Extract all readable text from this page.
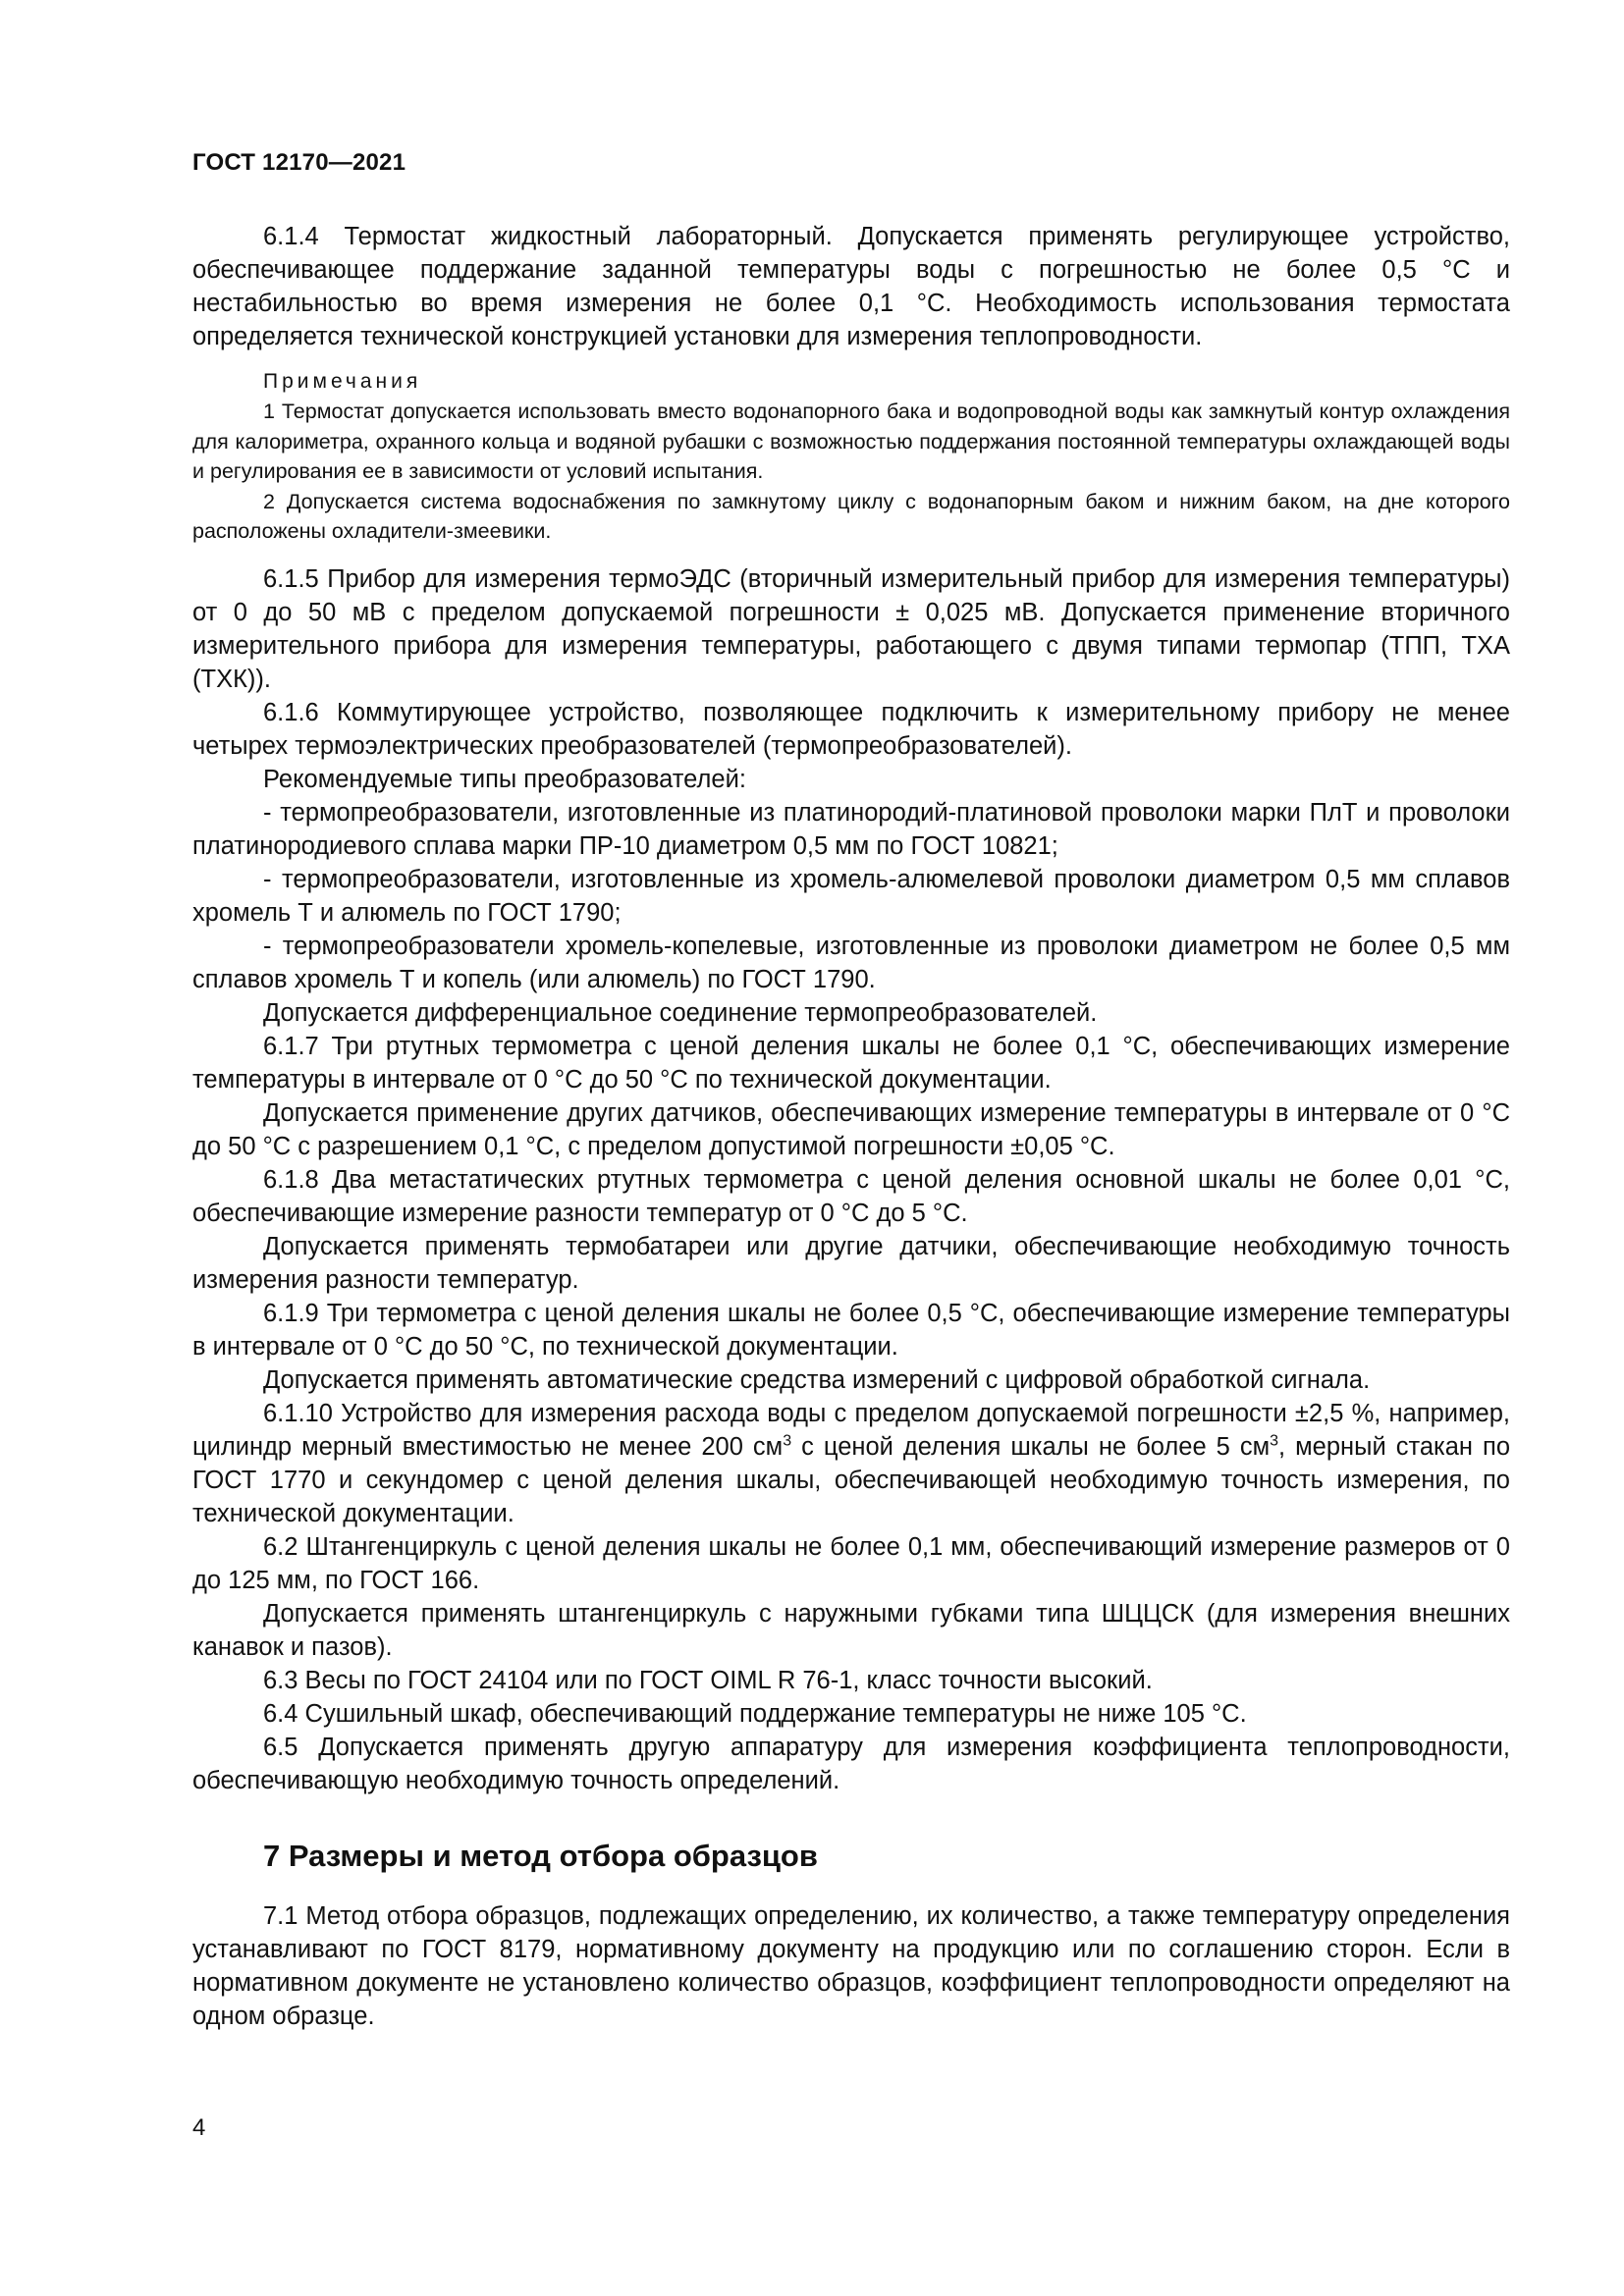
ГОСТ 12170—2021

6.1.4 Термостат жидкостный лабораторный. Допускается применять регулирующее устройство, обеспечивающее поддержание заданной температуры воды с погрешностью не более 0,5 °С и нестабильностью во время измерения не более 0,1 °С. Необходимость использования термостата определяется технической конструкцией установки для измерения теплопроводности.

Примечания

1 Термостат допускается использовать вместо водонапорного бака и водопроводной воды как замкнутый контур охлаждения для калориметра, охранного кольца и водяной рубашки с возможностью поддержания постоянной температуры охлаждающей воды и регулирования ее в зависимости от условий испытания.

2 Допускается система водоснабжения по замкнутому циклу с водонапорным баком и нижним баком, на дне которого расположены охладители-змеевики.

6.1.5 Прибор для измерения термоЭДС (вторичный измерительный прибор для измерения температуры) от 0 до 50 мВ с пределом допускаемой погрешности ± 0,025 мВ. Допускается применение вторичного измерительного прибора для измерения температуры, работающего с двумя типами термопар (ТПП, ТХА (ТХК)).

6.1.6 Коммутирующее устройство, позволяющее подключить к измерительному прибору не менее четырех термоэлектрических преобразователей (термопреобразователей).

Рекомендуемые типы преобразователей:

- термопреобразователи, изготовленные из платинородий-платиновой проволоки марки ПлТ и проволоки платинородиевого сплава марки ПР-10 диаметром 0,5 мм по ГОСТ 10821;

- термопреобразователи, изготовленные из хромель-алюмелевой проволоки диаметром 0,5 мм сплавов хромель Т и алюмель по ГОСТ 1790;

- термопреобразователи хромель-копелевые, изготовленные из проволоки диаметром не более 0,5 мм сплавов хромель Т и копель (или алюмель) по ГОСТ 1790.

Допускается дифференциальное соединение термопреобразователей.

6.1.7 Три ртутных термометра с ценой деления шкалы не более 0,1 °С, обеспечивающих измерение температуры в интервале от 0 °С до 50 °С по технической документации.

Допускается применение других датчиков, обеспечивающих измерение температуры в интервале от 0 °С до 50 °С с разрешением 0,1 °С, с пределом допустимой погрешности ±0,05 °С.

6.1.8 Два метастатических ртутных термометра с ценой деления основной шкалы не более 0,01 °С, обеспечивающие измерение разности температур от 0 °С до 5 °С.

Допускается применять термобатареи или другие датчики, обеспечивающие необходимую точность измерения разности температур.

6.1.9 Три термометра с ценой деления шкалы не более 0,5 °С, обеспечивающие измерение температуры в интервале от 0 °С до 50 °С, по технической документации.

Допускается применять автоматические средства измерений с цифровой обработкой сигнала.

6.1.10 Устройство для измерения расхода воды с пределом допускаемой погрешности ±2,5 %, например, цилиндр мерный вместимостью не менее 200 $см^3$ с ценой деления шкалы не более 5 $см^3$, мерный стакан по ГОСТ 1770 и секундомер с ценой деления шкалы, обеспечивающей необходимую точность измерения, по технической документации.

6.2 Штангенциркуль с ценой деления шкалы не более 0,1 мм, обеспечивающий измерение размеров от 0 до 125 мм, по ГОСТ 166.

Допускается применять штангенциркуль с наружными губками типа ШЦЦСК (для измерения внешних канавок и пазов).

6.3 Весы по ГОСТ 24104 или по ГОСТ OIML R 76-1, класс точности высокий.

6.4 Сушильный шкаф, обеспечивающий поддержание температуры не ниже 105 °С.

6.5 Допускается применять другую аппаратуру для измерения коэффициента теплопроводности, обеспечивающую необходимую точность определений.

7 Размеры и метод отбора образцов

7.1 Метод отбора образцов, подлежащих определению, их количество, а также температуру определения устанавливают по ГОСТ 8179, нормативному документу на продукцию или по соглашению сторон. Если в нормативном документе не установлено количество образцов, коэффициент теплопроводности определяют на одном образце.

4
